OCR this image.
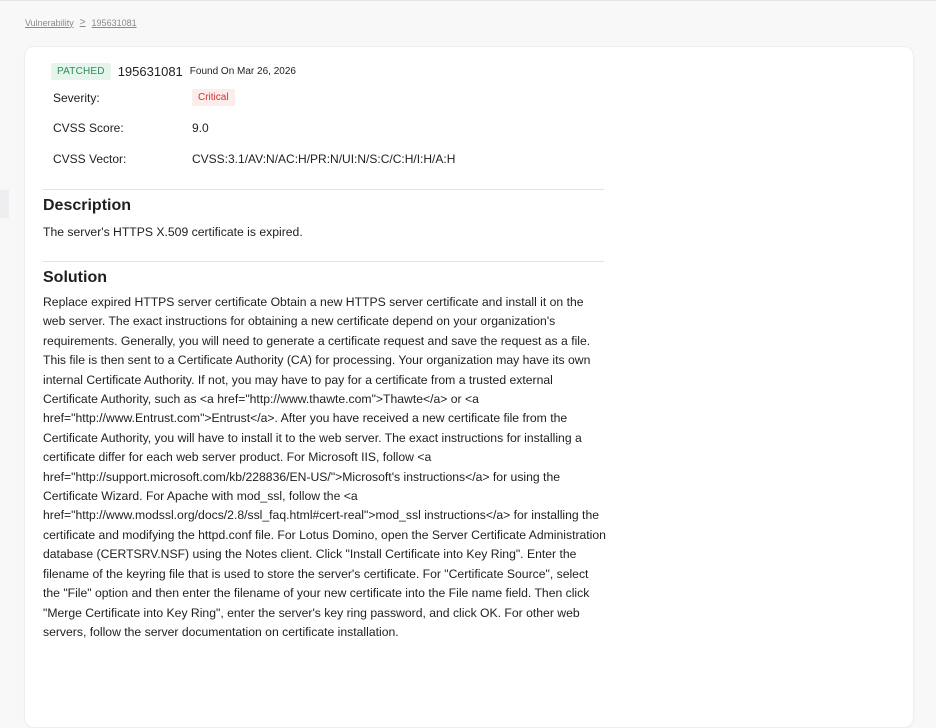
Vulnerability > 195631081
PATCHED	195631081 Found On Mar 26, 2026
Severity:	Critical
CVSS Score:	9.0
CVSS Vector:	CVSS:3.1/AV:N/AC:H/PR:N/UI:N/S:C/C:H/I:H/A:H
Description

The server's HTTPS X.509 certificate is expired.

Solution

Replace expired HTTPS server certificate Obtain a new HTTPS server certificate and install it on the web server. The exact instructions for obtaining a new certificate depend on your organization's requirements. Generally, you will need to generate a certificate request and save the request as a file. This file is then sent to a Certificate Authority (CA) for processing. Your organization may have its own internal Certificate Authority. If not, you may have to pay for a certificate from a trusted external Certificate Authority, such as <a href="http://www.thawte.com">Thawte</a> or <a href="http://www.Entrust.com">Entrust</a>. After you have received a new certificate file from the Certificate Authority, you will have to install it to the web server. The exact instructions for installing a certificate differ for each web server product. For Microsoft IIS, follow <a href="http://support.microsoft.com/kb/228836/EN-US/">Microsoft's instructions</a> for using the Certificate Wizard. For Apache with mod_ssl, follow the <a href="http://www.modssl.org/docs/2.8/ssl_faq.html#cert-real">mod_ssl instructions</a> for installing the certificate and modifying the httpd.conf file. For Lotus Domino, open the Server Certificate Administration database (CERTSRV.NSF) using the Notes client. Click "Install Certificate into Key Ring". Enter the filename of the keyring file that is used to store the server's certificate. For "Certificate Source", select the "File" option and then enter the filename of your new certificate into the File name field. Then click "Merge Certificate into Key Ring", enter the server's key ring password, and click OK. For other web servers, follow the server documentation on certificate installation.
